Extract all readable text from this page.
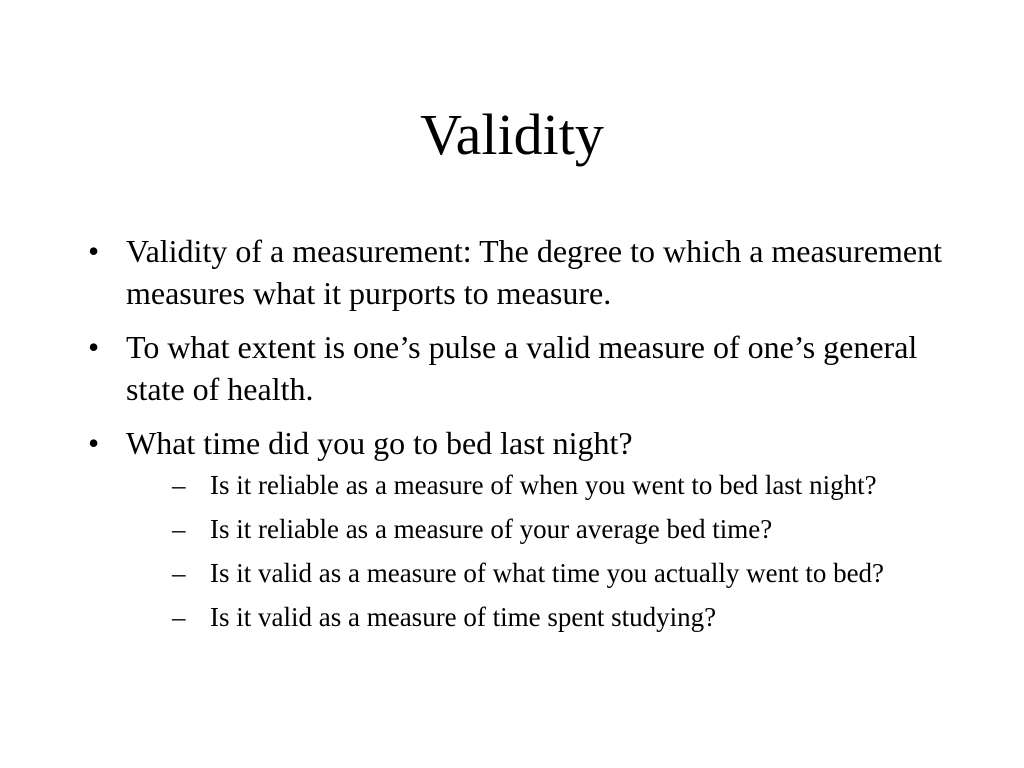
Validity
• Validity of a measurement: The degree to which a measurement measures what it purports to measure.
• To what extent is one’s pulse a valid measure of one’s general state of health.
• What time did you go to bed last night?
– Is it reliable as a measure of when you went to bed last night?
– Is it reliable as a measure of your average bed time?
– Is it valid as a measure of what time you actually went to bed?
– Is it valid as a measure of time spent studying?
